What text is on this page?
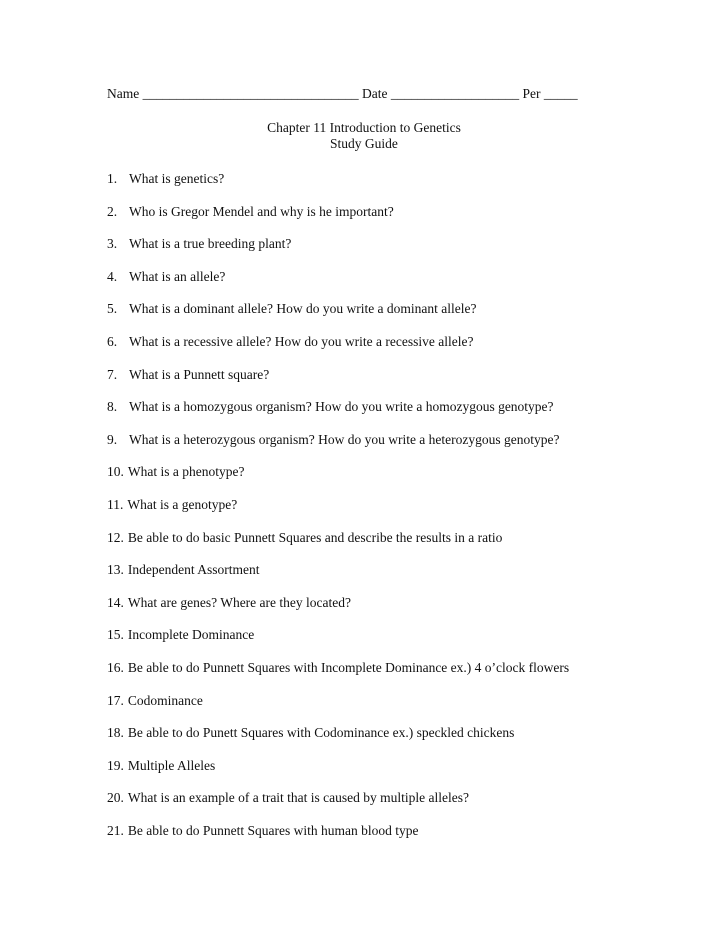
Name ________________________________ Date ___________________ Per _____
Chapter 11 Introduction to Genetics
Study Guide
1. What is genetics?
2. Who is Gregor Mendel and why is he important?
3. What is a true breeding plant?
4. What is an allele?
5. What is a dominant allele? How do you write a dominant allele?
6. What is a recessive allele? How do you write a recessive allele?
7. What is a Punnett square?
8. What is a homozygous organism? How do you write a homozygous genotype?
9. What is a heterozygous organism? How do you write a heterozygous genotype?
10. What is a phenotype?
11. What is a genotype?
12. Be able to do basic Punnett Squares and describe the results in a ratio
13. Independent Assortment
14. What are genes? Where are they located?
15. Incomplete Dominance
16. Be able to do Punnett Squares with Incomplete Dominance ex.) 4 o’clock flowers
17. Codominance
18. Be able to do Punett Squares with Codominance ex.) speckled chickens
19. Multiple Alleles
20. What is an example of a trait that is caused by multiple alleles?
21. Be able to do Punnett Squares with human blood type
